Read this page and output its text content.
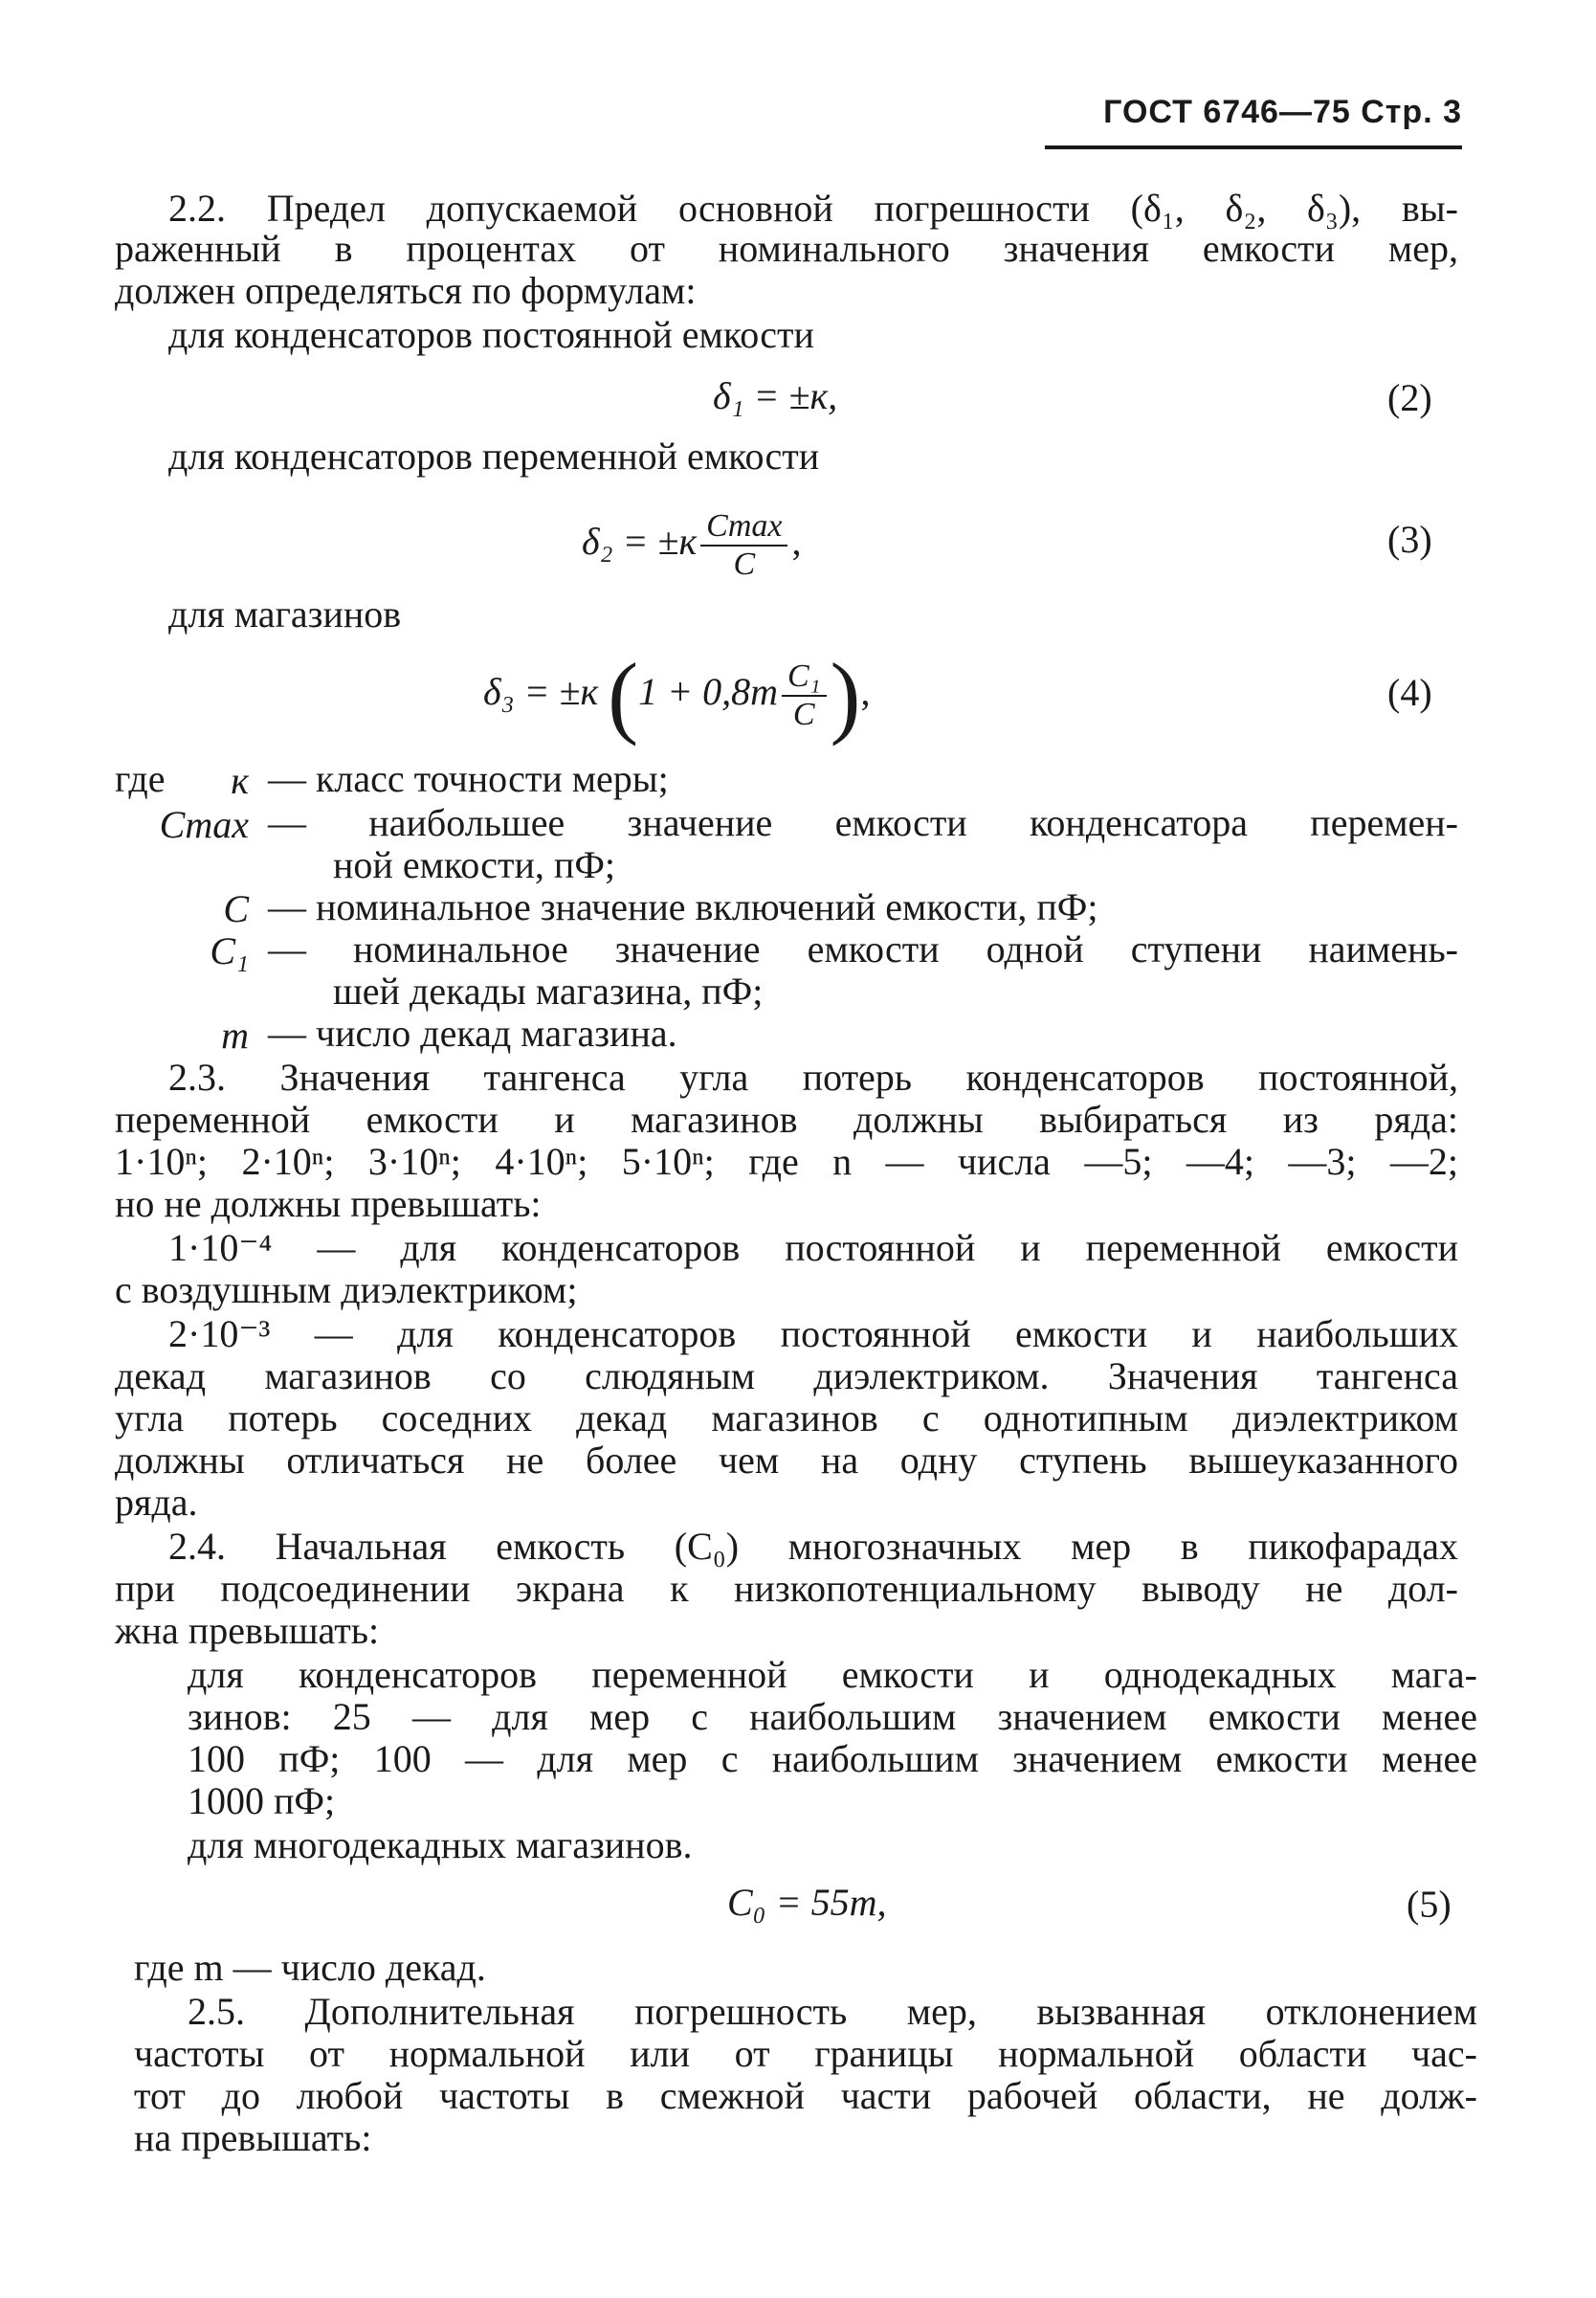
ГОСТ 6746—75 Стр. 3
2.2. Предел допускаемой основной погрешности (δ₁, δ₂, δ₃), вы-
раженный в процентах от номинального значения емкости мер,
должен определяться по формулам:
для конденсаторов постоянной емкости
δ₁ = ±к,	(2)
для конденсаторов переменной емкости
$\delta_2 = \pm к \frac{Cmax}{C}$ ,	(3)
для магазинов
δ₃ = ±к ($1 + 0,8m \frac{\text{C₁}}{C}$ ),	(4)
где	к — класс точности меры;
Cmax — наибольшее значение емкости конденсатора перемен-
ной емкости, пФ;
C — номинальное значение включений емкости, пФ;
C₁ — номинальное значение емкости одной ступени наимень-
шей декады магазина, пФ;
m — число декад магазина.
2.3. Значения тангенса угла потерь конденсаторов постоянной,
переменной емкости и магазинов должны выбираться из ряда:
1·10ⁿ; 2·10ⁿ; 3·10ⁿ; 4·10ⁿ; 5·10ⁿ; где n — числа —5; —4; —3; —2;
но не должны превышать:
1·10⁻⁴ — для конденсаторов постоянной и переменной емкости
с воздушным диэлектриком;
2·10⁻³ — для конденсаторов постоянной емкости и наибольших
декад магазинов со слюдяным диэлектриком. Значения тангенса
угла потерь соседних декад магазинов с однотипным диэлектриком
должны отличаться не более чем на одну ступень вышеуказанного
ряда.
2.4. Начальная емкость (C₀) многозначных мер в пикофарадах
при подсоединении экрана к низкопотенциальному выводу не дол-
жна превышать:
для конденсаторов переменной емкости и однодекадных мага-
зинов: 25 — для мер с наибольшим значением емкости менее
100 пФ; 100 — для мер с наибольшим значением емкости менее
1000 пФ;
для многодекадных магазинов.
C₀ = 55m,	(5)
где m — число декад.
2.5. Дополнительная погрешность мер, вызванная отклонением
частоты от нормальной или от границы нормальной области час-
тот до любой частоты в смежной части рабочей области, не долж-
на превышать:
